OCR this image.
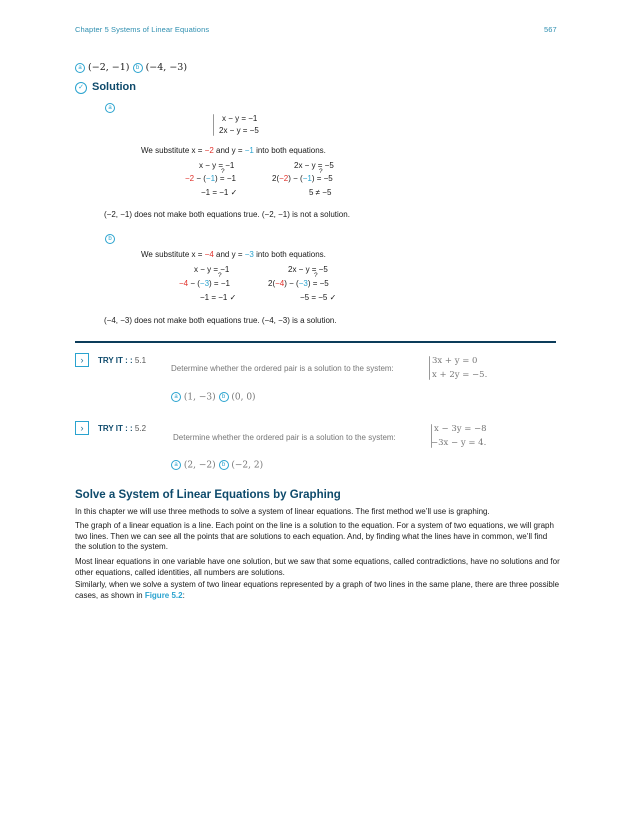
Chapter 5 Systems of Linear Equations	567
a (−2, −1) b (−4, −3)
✓ Solution
a
x − y = −1
2x − y = −5
We substitute x = −2 and y = −1 into both equations.
x − y = −1	2x − y = −5
?	?
−2 − (−1) = −1	2(−2) − (−1) = −5
−1 = −1 ✓	5 ≠ −5
(−2, −1) does not make both equations true. (−2, −1) is not a solution.
b
We substitute x = −4 and y = −3 into both equations.
x − y = −1	2x − y = −5
?	?
−4 − (−3) = −1	2(−4) − (−3) = −5
−1 = −1 ✓	−5 = −5 ✓
(−4, −3) does not make both equations true. (−4, −3) is a solution.
›	TRY IT : : 5.1
Determine whether the ordered pair is a solution to the system:
3x + y = 0
x + 2y = −5.
a (1, −3) b (0, 0)
›	TRY IT : : 5.2
Determine whether the ordered pair is a solution to the system:
x − 3y = −8
−3x − y = 4.
a (2, −2) b (−2, 2)
Solve a System of Linear Equations by Graphing
In this chapter we will use three methods to solve a system of linear equations. The first method we’ll use is graphing.
The graph of a linear equation is a line. Each point on the line is a solution to the equation. For a system of two equations, we will graph two lines. Then we can see all the points that are solutions to each equation. And, by finding what the lines have in common, we’ll find the solution to the system.
Most linear equations in one variable have one solution, but we saw that some equations, called contradictions, have no solutions and for other equations, called identities, all numbers are solutions.
Similarly, when we solve a system of two linear equations represented by a graph of two lines in the same plane, there are three possible cases, as shown in Figure 5.2:
